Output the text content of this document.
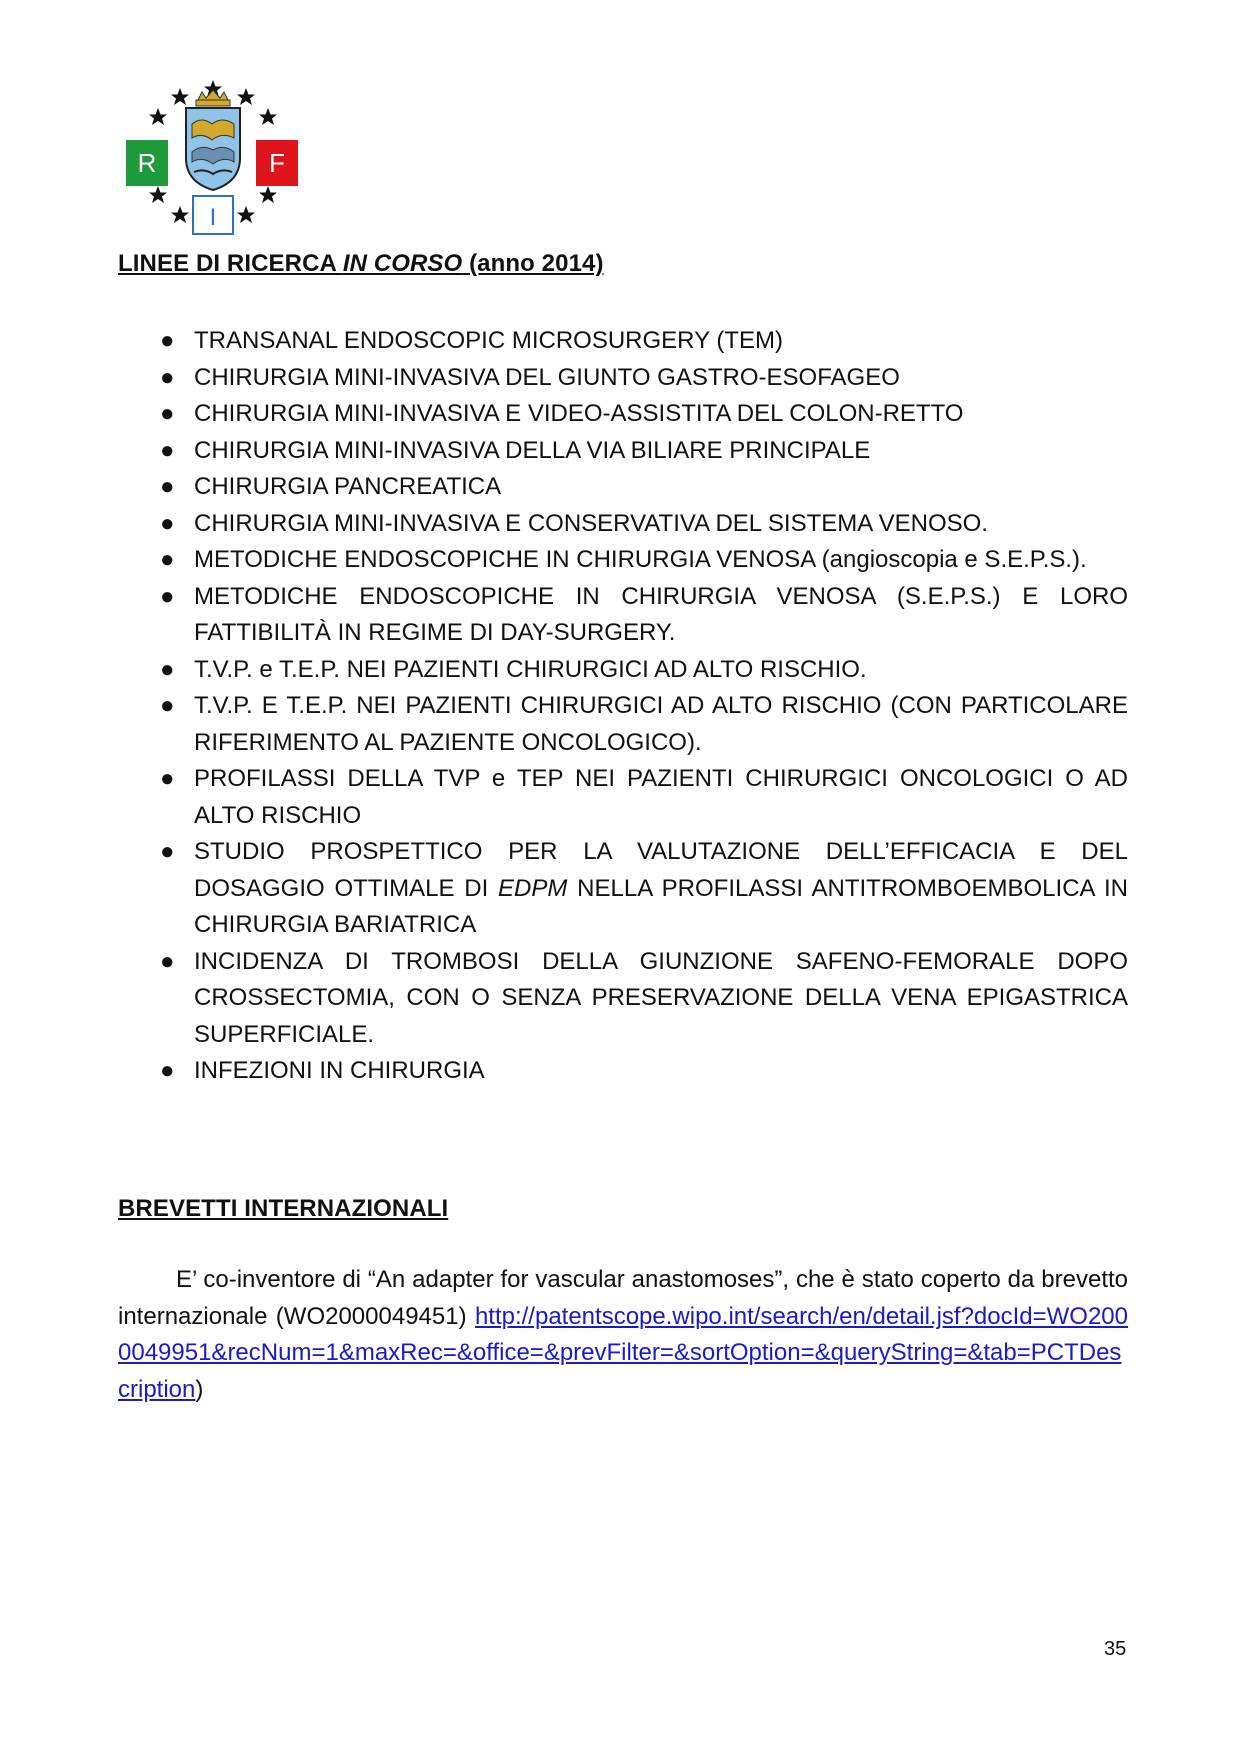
R	F
I
LINEE DI RICERCA IN CORSO (anno 2014)
● TRANSANAL ENDOSCOPIC MICROSURGERY (TEM)
● CHIRURGIA MINI-INVASIVA DEL GIUNTO GASTRO-ESOFAGEO
● CHIRURGIA MINI-INVASIVA E VIDEO-ASSISTITA DEL COLON-RETTO
● CHIRURGIA MINI-INVASIVA DELLA VIA BILIARE PRINCIPALE
● CHIRURGIA PANCREATICA
● CHIRURGIA MINI-INVASIVA E CONSERVATIVA DEL SISTEMA VENOSO.
● METODICHE ENDOSCOPICHE IN CHIRURGIA VENOSA (angioscopia e S.E.P.S.).
● METODICHE ENDOSCOPICHE IN CHIRURGIA VENOSA (S.E.P.S.) E LORO FATTIBILITÀ IN REGIME DI DAY-SURGERY.
● T.V.P. e T.E.P. NEI PAZIENTI CHIRURGICI AD ALTO RISCHIO.
● T.V.P. E T.E.P. NEI PAZIENTI CHIRURGICI AD ALTO RISCHIO (CON PARTICOLARE RIFERIMENTO AL PAZIENTE ONCOLOGICO).
● PROFILASSI DELLA TVP e TEP NEI PAZIENTI CHIRURGICI ONCOLOGICI O AD ALTO RISCHIO
● STUDIO PROSPETTICO PER LA VALUTAZIONE DELL’EFFICACIA E DEL DOSAGGIO OTTIMALE DI EDPM NELLA PROFILASSI ANTITROMBOEMBOLICA IN CHIRURGIA BARIATRICA
● INCIDENZA DI TROMBOSI DELLA GIUNZIONE SAFENO-FEMORALE DOPO CROSSECTOMIA, CON O SENZA PRESERVAZIONE DELLA VENA EPIGASTRICA SUPERFICIALE.
● INFEZIONI IN CHIRURGIA
BREVETTI INTERNAZIONALI
E’ co-inventore di “An adapter for vascular anastomoses”, che è stato coperto da brevetto internazionale (WO2000049451) http://patentscope.wipo.int/search/en/detail.jsf?docId=WO2000049951&recNum=1&maxRec=&office=&prevFilter=&sortOption=&queryString=&tab=PCTDescription)
35
